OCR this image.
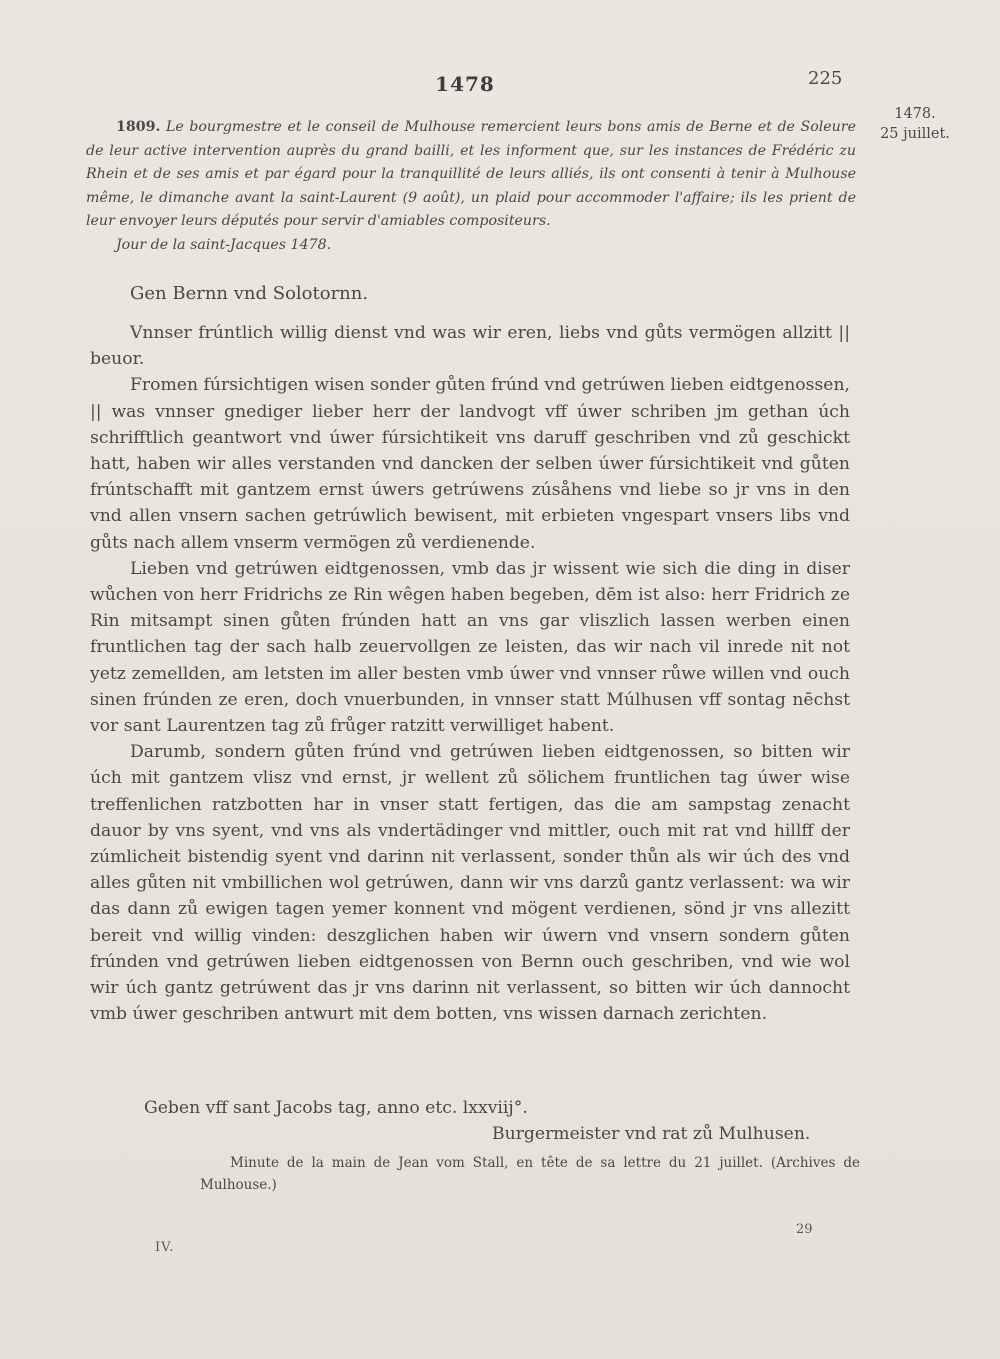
1478	225
1478.
25 juillet.
1809. Le bourgmestre et le conseil de Mulhouse remercient leurs bons amis de Berne et de Soleure de leur active intervention auprès du grand bailli, et les informent que, sur les instances de Frédéric zu Rhein et de ses amis et par égard pour la tranquillité de leurs alliés, ils ont consenti à tenir à Mulhouse même, le dimanche avant la saint-Laurent (9 août), un plaid pour accommoder l'affaire; ils les prient de leur envoyer leurs députés pour servir d'amiables compositeurs.
Jour de la saint-Jacques 1478.
Gen Bernn vnd Solotornn.

Vnnser frúntlich willig dienst vnd was wir eren, liebs vnd gůts vermögen allzitt || beuor.

Fromen fúrsichtigen wisen sonder gůten frúnd vnd getrúwen lieben eidtgenossen, || was vnnser gnediger lieber herr der landvogt vff úwer schriben jm gethan úch schrifftlich geantwort vnd úwer fúrsichtikeit vns daruff geschriben vnd zů geschickt hatt, haben wir alles verstanden vnd dancken der selben úwer fúrsichtikeit vnd gůten frúntschafft mit gantzem ernst úwers getrúwens zúsåhens vnd liebe so jr vns in den vnd allen vnsern sachen getrúwlich bewisent, mit erbieten vngespart vnsers libs vnd gůts nach allem vnserm vermögen zů verdienende.

Lieben vnd getrúwen eidtgenossen, vmb das jr wissent wie sich die ding in diser wůchen von herr Fridrichs ze Rin wêgen haben begeben, dēm ist also: herr Fridrich ze Rin mitsampt sinen gůten frúnden hatt an vns gar vliszlich lassen werben einen fruntlichen tag der sach halb zeuervollgen ze leisten, das wir nach vil inrede nit not yetz zemellden, am letsten im aller besten vmb úwer vnd vnnser růwe willen vnd ouch sinen frúnden ze eren, doch vnuerbunden, in vnnser statt Múlhusen vff sontag nēchst vor sant Laurentzen tag zů frůger ratzitt verwilliget habent.

Darumb, sondern gůten frúnd vnd getrúwen lieben eidtgenossen, so bitten wir úch mit gantzem vlisz vnd ernst, jr wellent zů sölichem fruntlichen tag úwer wise treffenlichen ratzbotten har in vnser statt fertigen, das die am sampstag zenacht dauor by vns syent, vnd vns als vndertädinger vnd mittler, ouch mit rat vnd hillff der zúmlicheit bistendig syent vnd darinn nit verlassent, sonder thůn als wir úch des vnd alles gůten nit vmbillichen wol getrúwen, dann wir vns darzů gantz verlassent: wa wir das dann zů ewigen tagen yemer konnent vnd mögent verdienen, sönd jr vns allezitt bereit vnd willig vinden: deszglichen haben wir úwern vnd vnsern sondern gůten frúnden vnd getrúwen lieben eidtgenossen von Bernn ouch geschriben, vnd wie wol wir úch gantz getrúwent das jr vns darinn nit verlassent, so bitten wir úch dannocht vmb úwer geschriben antwurt mit dem botten, vns wissen darnach zerichten.

Geben vff sant Jacobs tag, anno etc. lxxviij°.
Burgermeister vnd rat zů Mulhusen.
Minute de la main de Jean vom Stall, en tête de sa lettre du 21 juillet. (Archives de Mulhouse.)
29
IV.
